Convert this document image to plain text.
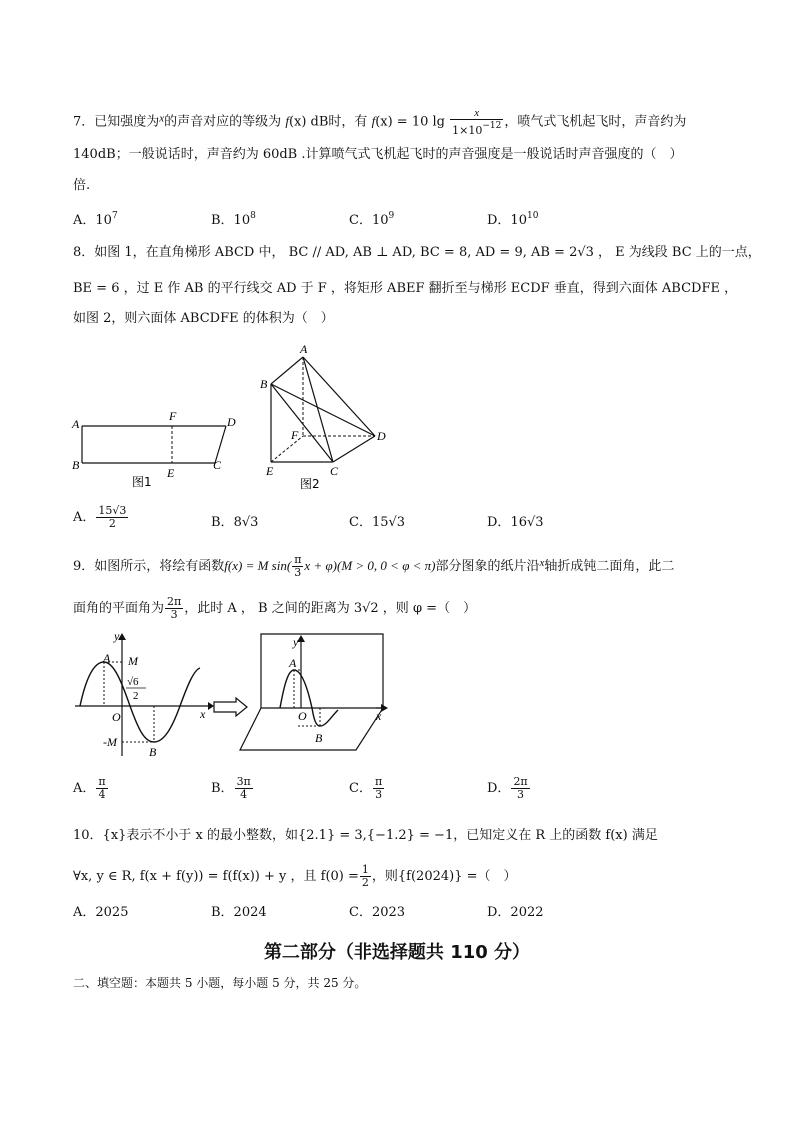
7．已知强度为$^x$的声音对应的等级为 f(x) dB时，有 f(x) = 10 $\lg \frac{x}{1\times 10^{-12}}$ ，喷气式飞机起飞时，声音约为
140dB；一般说话时，声音约为 60dB .计算喷气式飞机起飞时的声音强度是一般说话时声音强度的（　）
倍.
A．$10^7$	B．$10^8$	C．$10^9$	D．$10^{10}$
8．如图 1，在直角梯形 ABCD 中， BC // AD, AB ⊥ AD, BC = 8, AD = 9, AB = 2√3 ， E 为线段 BC 上的一点，
BE = 6 ，过 E 作 AB 的平行线交 AD 于 F ，将矩形 ABEF 翻折至与梯形 ECDF 垂直，得到六面体 ABCDFE ，
如图 2，则六面体 ABCDFE 的体积为（　）
A
B
F	D
E
C
图1
A
B
F	D
E	C
图2
A． $\frac{15√3}{2}$	B．8√3	C．15√3	D．16√3
9．如图所示，将绘有函数f(x) = M $\sin( \frac{\pi}{3}$ x + φ)(M > 0, 0 < φ < π)部分图象的纸片沿$^x$轴折成钝二面角，此二
面角的平面角为 $\frac{2\pi}{3}$ ，此时 A ， B 之间的距离为 3√2 ，则 φ =（　）
y
A M
√6
2
O
-M
B
x
y
A
O
B
x
A． $\frac{\pi}{4}$	B． $\frac{3\pi}{4}$	C． $\frac{\pi}{3}$	D． $\frac{2\pi}{3}$
10．{x}表示不小于 x 的最小整数，如{2.1} = 3,{−1.2} = −1，已知定义在 R 上的函数 f(x) 满足
∀x, y ∈ R, f(x + f(y)) = f(f(x)) + y ，且 $f(0) = \frac{1}{2}$ ，则{f(2024)} =（　）
A．2025	B．2024	C．2023	D．2022
第二部分（非选择题共 110 分）
二、填空题：本题共 5 小题，每小题 5 分，共 25 分。
